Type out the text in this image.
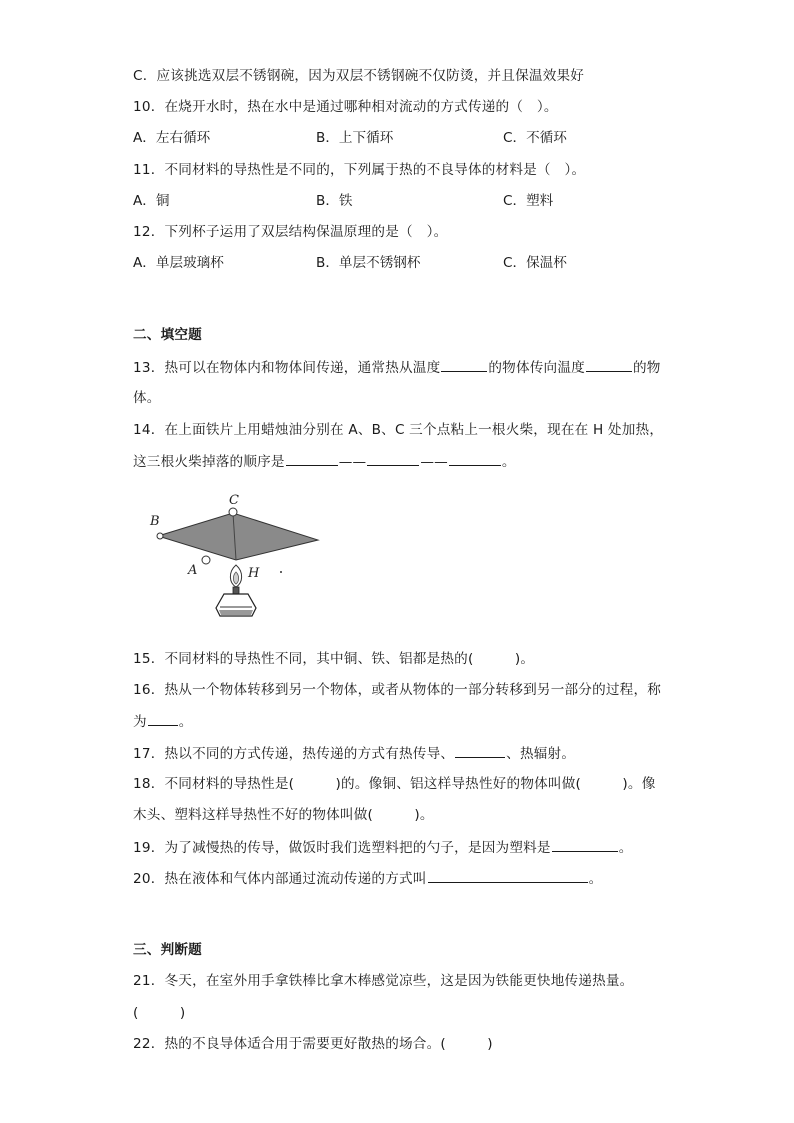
C．应该挑选双层不锈钢碗，因为双层不锈钢碗不仅防烫，并且保温效果好
10．在烧开水时，热在水中是通过哪种相对流动的方式传递的（　）。
A．左右循环	B．上下循环	C．不循环
11．不同材料的导热性是不同的，下列属于热的不良导体的材料是（　）。
A．铜	B．铁	C．塑料
12．下列杯子运用了双层结构保温原理的是（　）。
A．单层玻璃杯	B．单层不锈钢杯	C．保温杯
二、填空题
13．热可以在物体内和物体间传递，通常热从温度	的物体传向温度	的物
体。
14．在上面铁片上用蜡烛油分别在 A、B、C 三个点粘上一根火柴，现在在 H 处加热，
这三根火柴掉落的顺序是	——	——	。
C
B
A	H
15．不同材料的导热性不同，其中铜、铁、铝都是热的(　　　)。
16．热从一个物体转移到另一个物体，或者从物体的一部分转移到另一部分的过程，称
为 。
17．热以不同的方式传递，热传递的方式有热传导、	、热辐射。
18．不同材料的导热性是(　　　)的。像铜、铝这样导热性好的物体叫做(　　　)。像
木头、塑料这样导热性不好的物体叫做(　　　)。
19．为了减慢热的传导，做饭时我们选塑料把的勺子，是因为塑料是	。
20．热在液体和气体内部通过流动传递的方式叫	。
三、判断题
21．冬天，在室外用手拿铁棒比拿木棒感觉凉些，这是因为铁能更快地传递热量。
(　　　)
22．热的不良导体适合用于需要更好散热的场合。(　　　)
